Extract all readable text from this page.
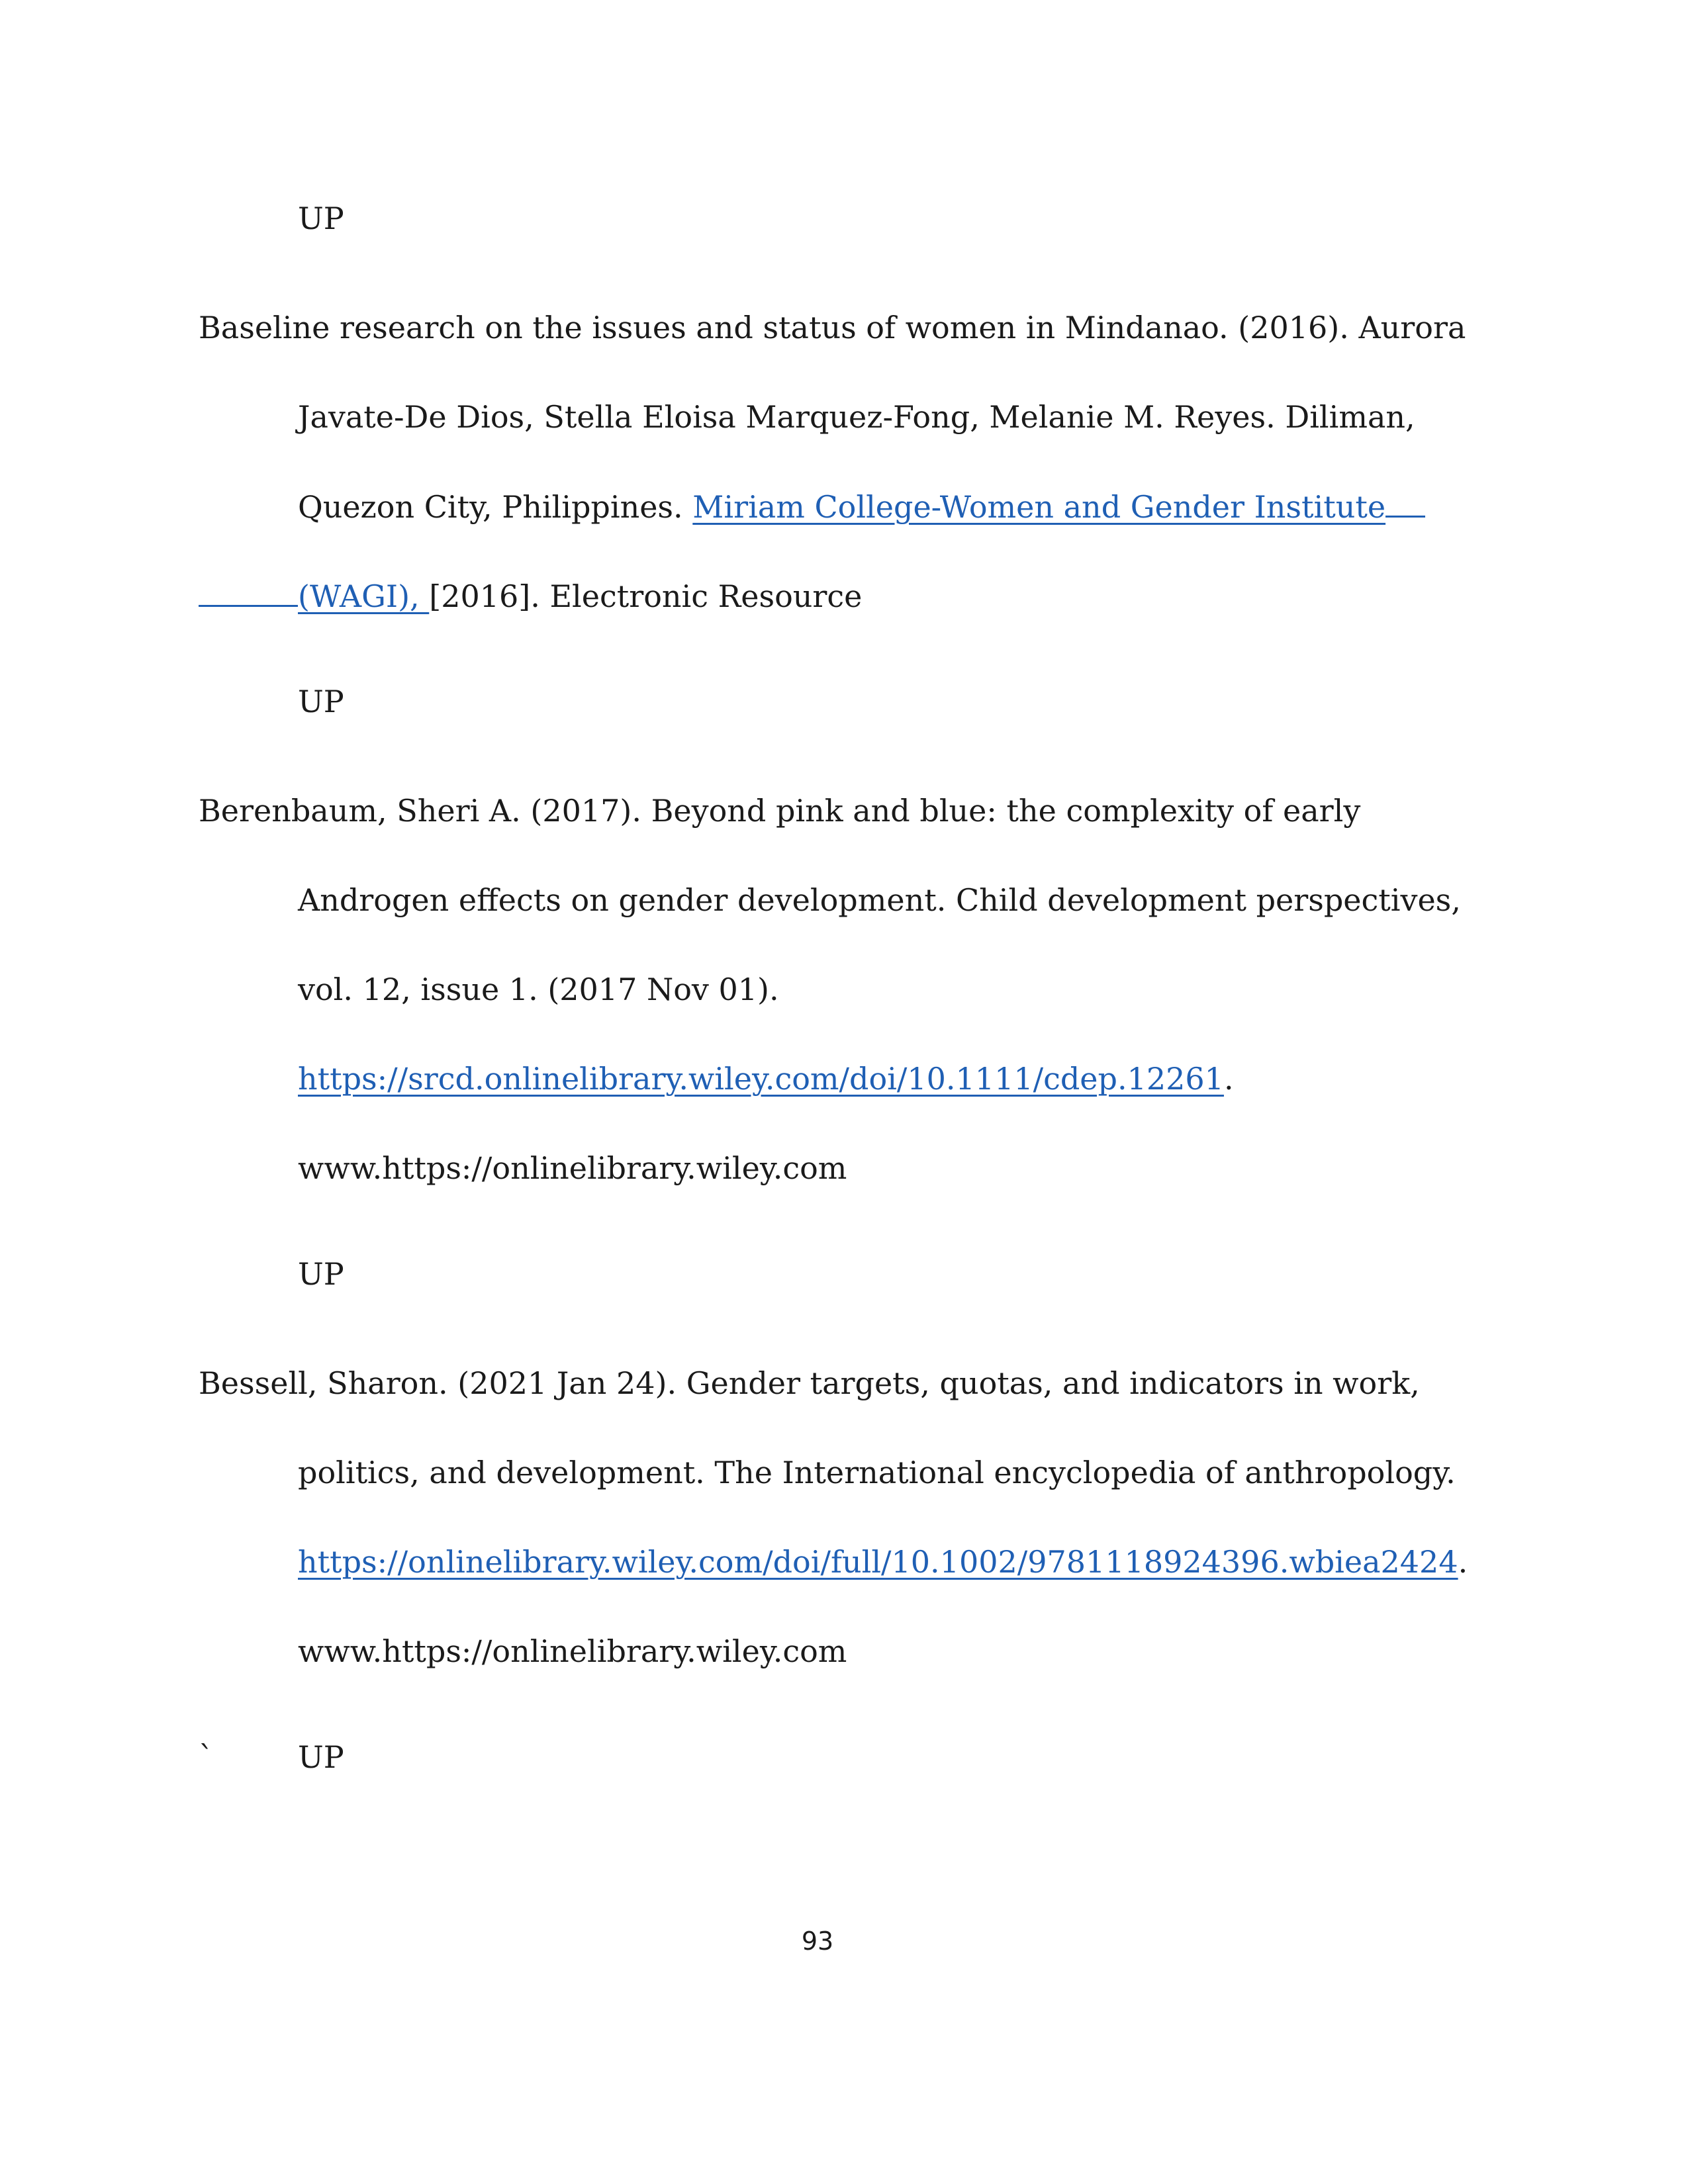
UP
Baseline research on the issues and status of women in Mindanao. (2016). Aurora
Javate-De Dios, Stella Eloisa Marquez-Fong, Melanie M. Reyes. Diliman,
Quezon City, Philippines. Miriam College-Women and Gender Institute
(WAGI), [2016]. Electronic Resource
UP
Berenbaum, Sheri A. (2017). Beyond pink and blue: the complexity of early
Androgen effects on gender development. Child development perspectives,
vol. 12, issue 1. (2017 Nov 01).
https://srcd.onlinelibrary.wiley.com/doi/10.1111/cdep.12261.
www.https://onlinelibrary.wiley.com
UP
Bessell, Sharon. (2021 Jan 24). Gender targets, quotas, and indicators in work,
politics, and development. The International encyclopedia of anthropology.
https://onlinelibrary.wiley.com/doi/full/10.1002/9781118924396.wbiea2424.
www.https://onlinelibrary.wiley.com
`	UP
93
